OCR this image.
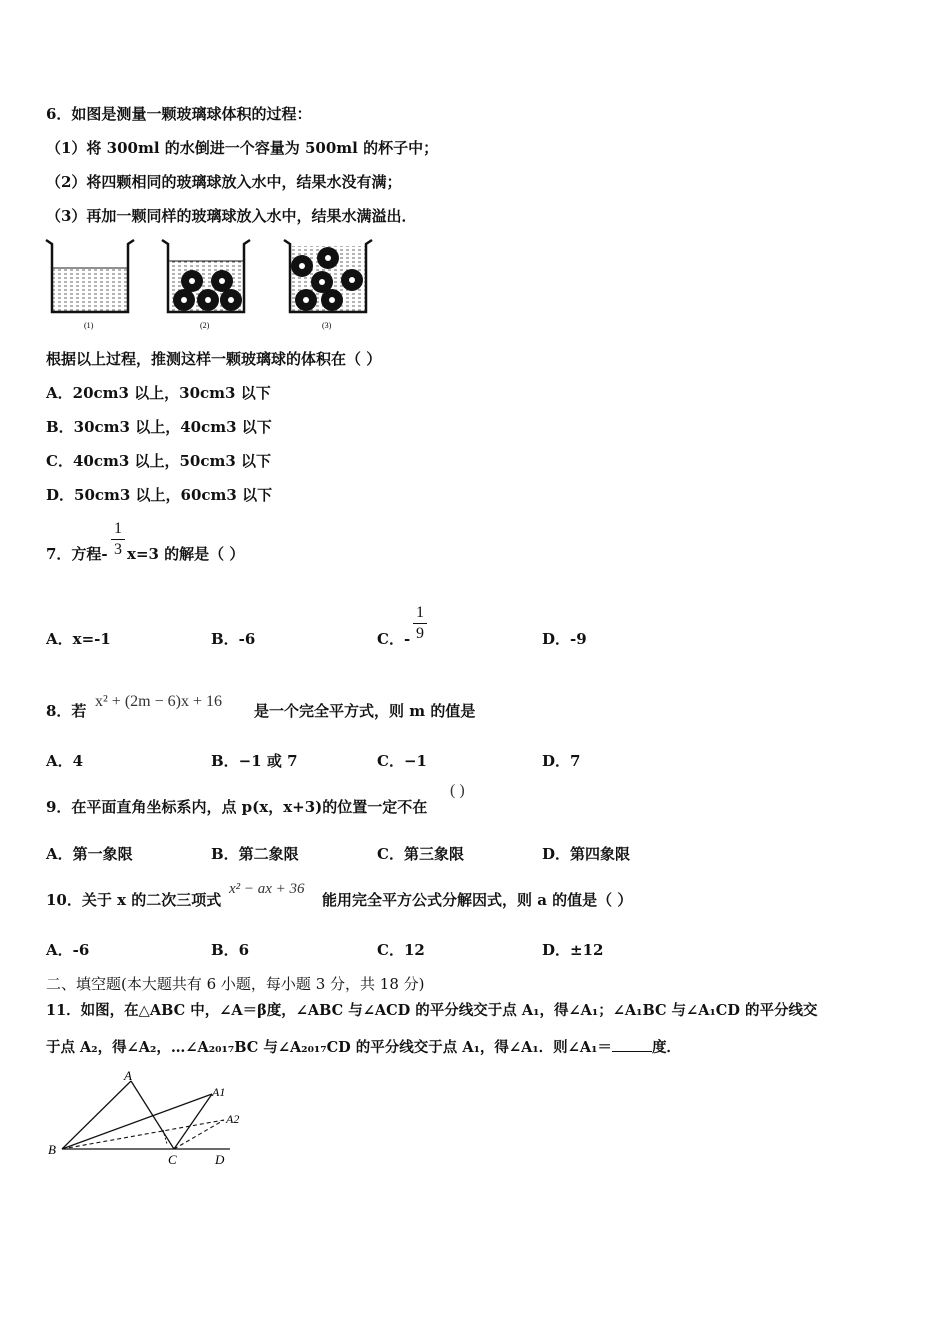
6．如图是测量一颗玻璃球体积的过程：
（1）将 300ml 的水倒进一个容量为 500ml 的杯子中；
（2）将四颗相同的玻璃球放入水中，结果水没有满；
（3）再加一颗同样的玻璃球放入水中，结果水满溢出．
(1)	(2)	(3)
根据以上过程，推测这样一颗玻璃球的体积在（ ）
A．20cm3 以上，30cm3 以下
B．30cm3 以上，40cm3 以下
C．40cm3 以上，50cm3 以下
D．50cm3 以上，60cm3 以下
7．方程-
1
3 x=3 的解是（ ）
A．x=-1	B．-6	C．-
1
9	D．-9
8．若
x² + (2m − 6)x + 16
是一个完全平方式，则 m 的值是
A．4	B．−1 或 7	C．−1	D．7
9．在平面直角坐标系内，点 p(x，x+3)的位置一定不在
( )
A．第一象限	B．第二象限	C．第三象限	D．第四象限
10．关于 x 的二次三项式
x² − ax + 36
能用完全平方公式分解因式，则 a 的值是（ ）
A．-6	B．6	C．12	D．±12
二、填空题(本大题共有 6 小题，每小题 3 分，共 18 分)
11．如图，在△ABC 中，∠A＝β度，∠ABC 与∠ACD 的平分线交于点 A₁，得∠A₁；∠A₁BC 与∠A₁CD 的平分线交
于点 A₂，得∠A₂，…∠A₂₀₁₇BC 与∠A₂₀₁₇CD 的平分线交于点 A₁，得∠A₁．则∠A₁＝	度．
A
A1
A2
B
C	D
